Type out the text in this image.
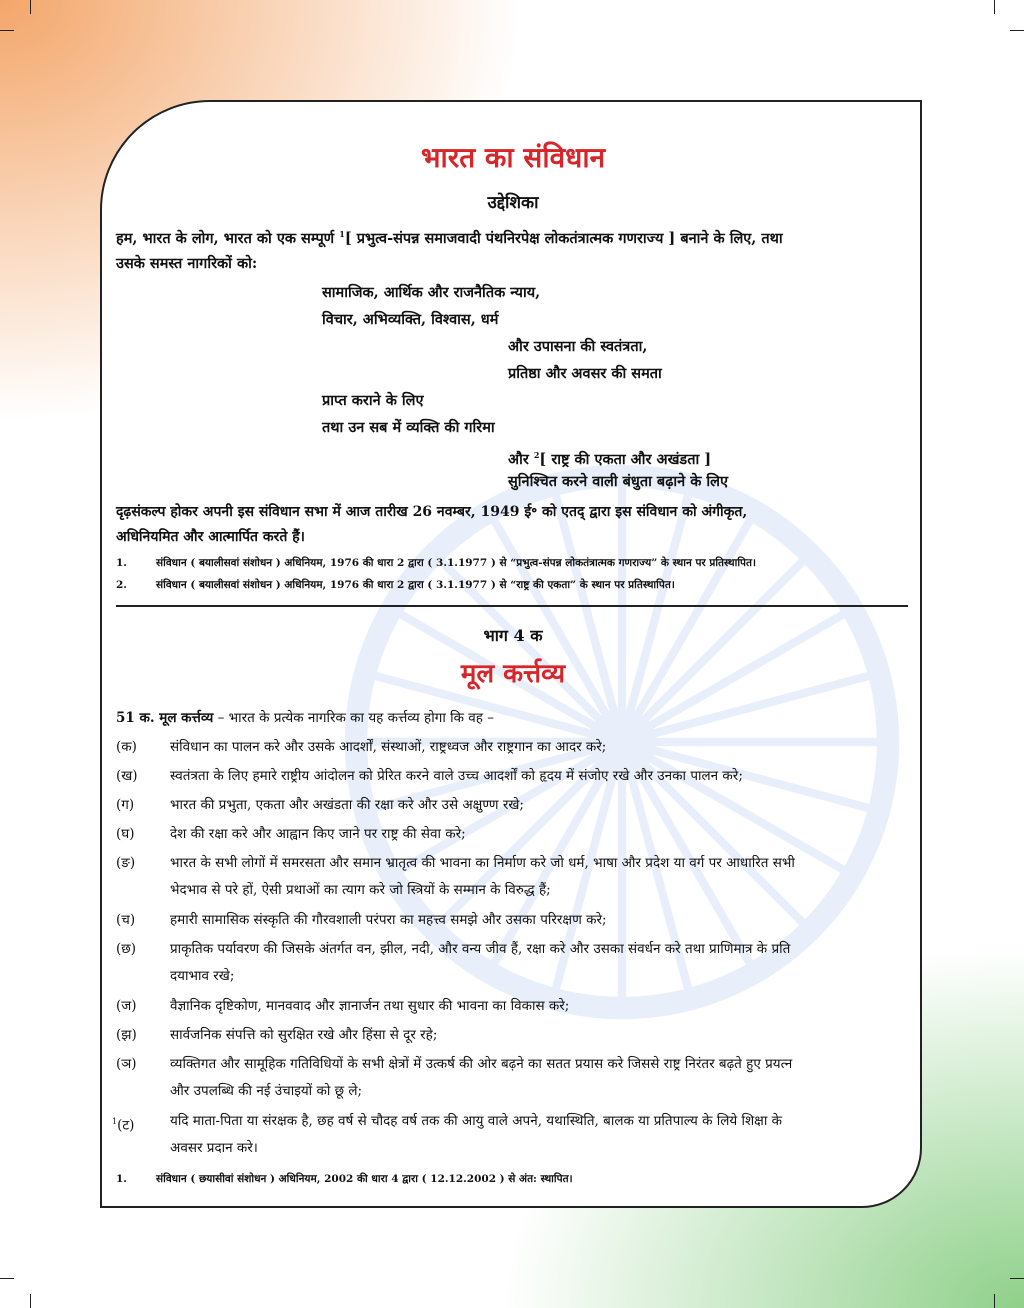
भारत का संविधान
उद्देशिका
हम, भारत के लोग, भारत को एक सम्पूर्ण $^1$[ प्रभुत्व-संपन्न समाजवादी पंथनिरपेक्ष लोकतंत्रात्मक गणराज्य ] बनाने के लिए, तथा
उसके समस्त नागरिकों को:
सामाजिक, आर्थिक और राजनैतिक न्याय,
विचार, अभिव्यक्ति, विश्वास, धर्म
और उपासना की स्वतंत्रता,
प्रतिष्ठा और अवसर की समता
प्राप्त कराने के लिए
तथा उन सब में व्यक्ति की गरिमा
और $^2$[ राष्ट्र की एकता और अखंडता ]
सुनिश्चित करने वाली बंधुता बढ़ाने के लिए
दृढ़संकल्प होकर अपनी इस संविधान सभा में आज तारीख 26 नवम्बर, 1949 ई॰ को एतद् द्वारा इस संविधान को अंगीकृत,
अधिनियमित और आत्मार्पित करते हैं।
1.	संविधान ( बयालीसवां संशोधन ) अधिनियम, 1976 की धारा 2 द्वारा ( 3.1.1977 ) से “प्रभुत्व-संपन्न लोकतंत्रात्मक गणराज्य” के स्थान पर प्रतिस्थापित।
2.	संविधान ( बयालीसवां संशोधन ) अधिनियम, 1976 की धारा 2 द्वारा ( 3.1.1977 ) से “राष्ट्र की एकता” के स्थान पर प्रतिस्थापित।
भाग 4 क
मूल कर्त्तव्य
51 क. मूल कर्त्तव्य – भारत के प्रत्येक नागरिक का यह कर्त्तव्य होगा कि वह –
(क) संविधान का पालन करे और उसके आदर्शों, संस्थाओं, राष्ट्रध्वज और राष्ट्रगान का आदर करे;
(ख) स्वतंत्रता के लिए हमारे राष्ट्रीय आंदोलन को प्रेरित करने वाले उच्च आदर्शों को हृदय में संजोए रखे और उनका पालन करे;
(ग)	भारत की प्रभुता, एकता और अखंडता की रक्षा करे और उसे अक्षुण्ण रखे;
(घ)	देश की रक्षा करे और आह्वान किए जाने पर राष्ट्र की सेवा करे;
(ङ)	भारत के सभी लोगों में समरसता और समान भ्रातृत्व की भावना का निर्माण करे जो धर्म, भाषा और प्रदेश या वर्ग पर आधारित सभी
भेदभाव से परे हों, ऐसी प्रथाओं का त्याग करे जो स्त्रियों के सम्मान के विरुद्ध हैं;
(च)	हमारी सामासिक संस्कृति की गौरवशाली परंपरा का महत्त्व समझे और उसका परिरक्षण करे;
(छ)	प्राकृतिक पर्यावरण की जिसके अंतर्गत वन, झील, नदी, और वन्य जीव हैं, रक्षा करे और उसका संवर्धन करे तथा प्राणिमात्र के प्रति
दयाभाव रखे;
(ज) वैज्ञानिक दृष्टिकोण, मानववाद और ज्ञानार्जन तथा सुधार की भावना का विकास करे;
(झ) सार्वजनिक संपत्ति को सुरक्षित रखे और हिंसा से दूर रहे;
(ञ) व्यक्तिगत और सामूहिक गतिविधियों के सभी क्षेत्रों में उत्कर्ष की ओर बढ़ने का सतत प्रयास करे जिससे राष्ट्र निरंतर बढ़ते हुए प्रयत्न
और उपलब्धि की नई उंचाइयों को छू ले;
$^1$(ट)	यदि माता-पिता या संरक्षक है, छह वर्ष से चौदह वर्ष तक की आयु वाले अपने, यथास्थिति, बालक या प्रतिपाल्य के लिये शिक्षा के
अवसर प्रदान करे।
1.	संविधान ( छयासीवां संशोधन ) अधिनियम, 2002 की धारा 4 द्वारा ( 12.12.2002 ) से अंत: स्थापित।
